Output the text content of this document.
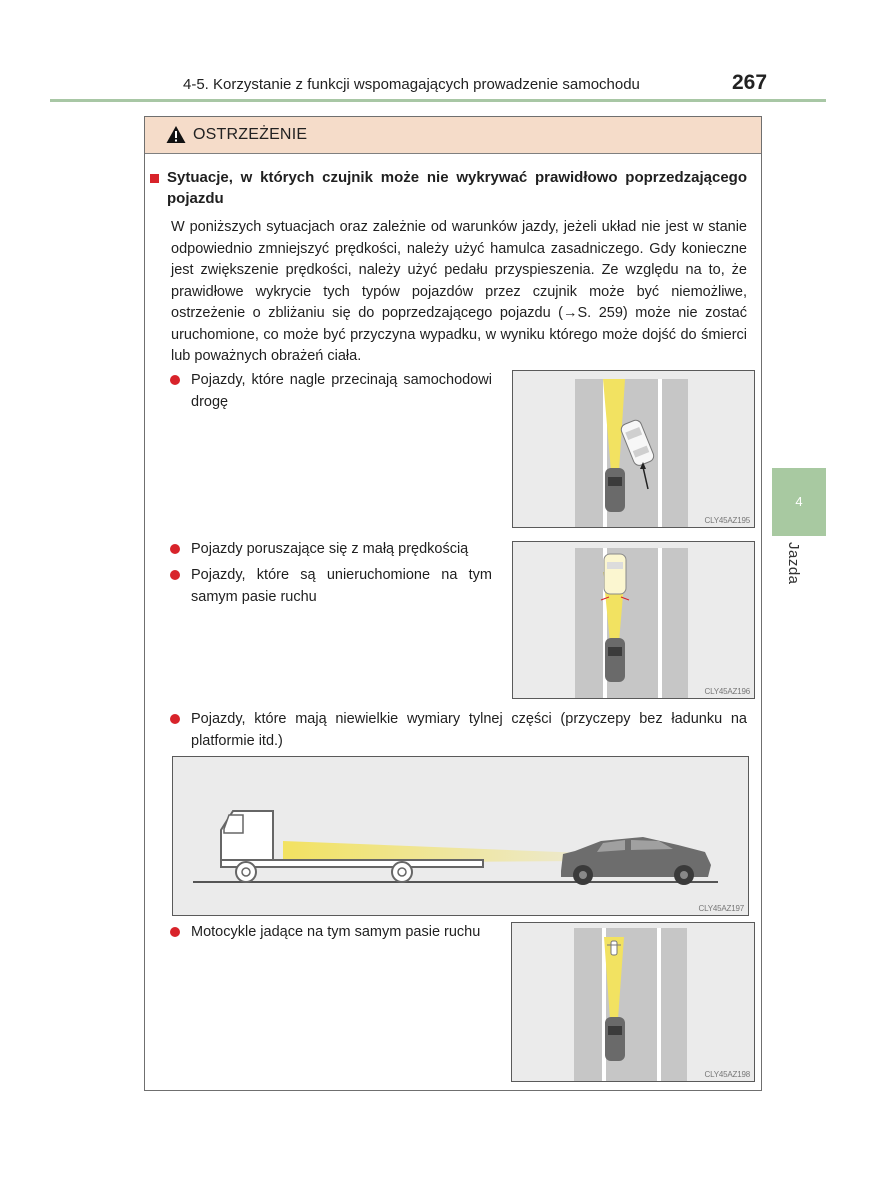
4-5. Korzystanie z funkcji wspomagających prowadzenie samochodu	267
4
Jazda
OSTRZEŻENIE
Sytuacje, w których czujnik może nie wykrywać prawidłowo poprzedzającego pojazdu
W poniższych sytuacjach oraz zależnie od warunków jazdy, jeżeli układ nie jest w stanie odpowiednio zmniejszyć prędkości, należy użyć hamulca zasadniczego. Gdy konieczne jest zwiększenie prędkości, należy użyć pedału przyspieszenia. Ze względu na to, że prawidłowe wykrycie tych typów pojazdów przez czujnik może być niemożliwe, ostrzeżenie o zbliżaniu się do poprzedzającego pojazdu (→S. 259) może nie zostać uruchomione, co może być przyczyna wypadku, w wyniku którego może dojść do śmierci lub poważnych obrażeń ciała.
Pojazdy, które nagle przecinają samochodowi drogę
CLY45AZ195
Pojazdy poruszające się z małą prędkością
Pojazdy, które są unieruchomione na tym samym pasie ruchu
CLY45AZ196
Pojazdy, które mają niewielkie wymiary tylnej części (przyczepy bez ładunku na platformie itd.)
CLY45AZ197
Motocykle jadące na tym samym pasie ruchu
CLY45AZ198
